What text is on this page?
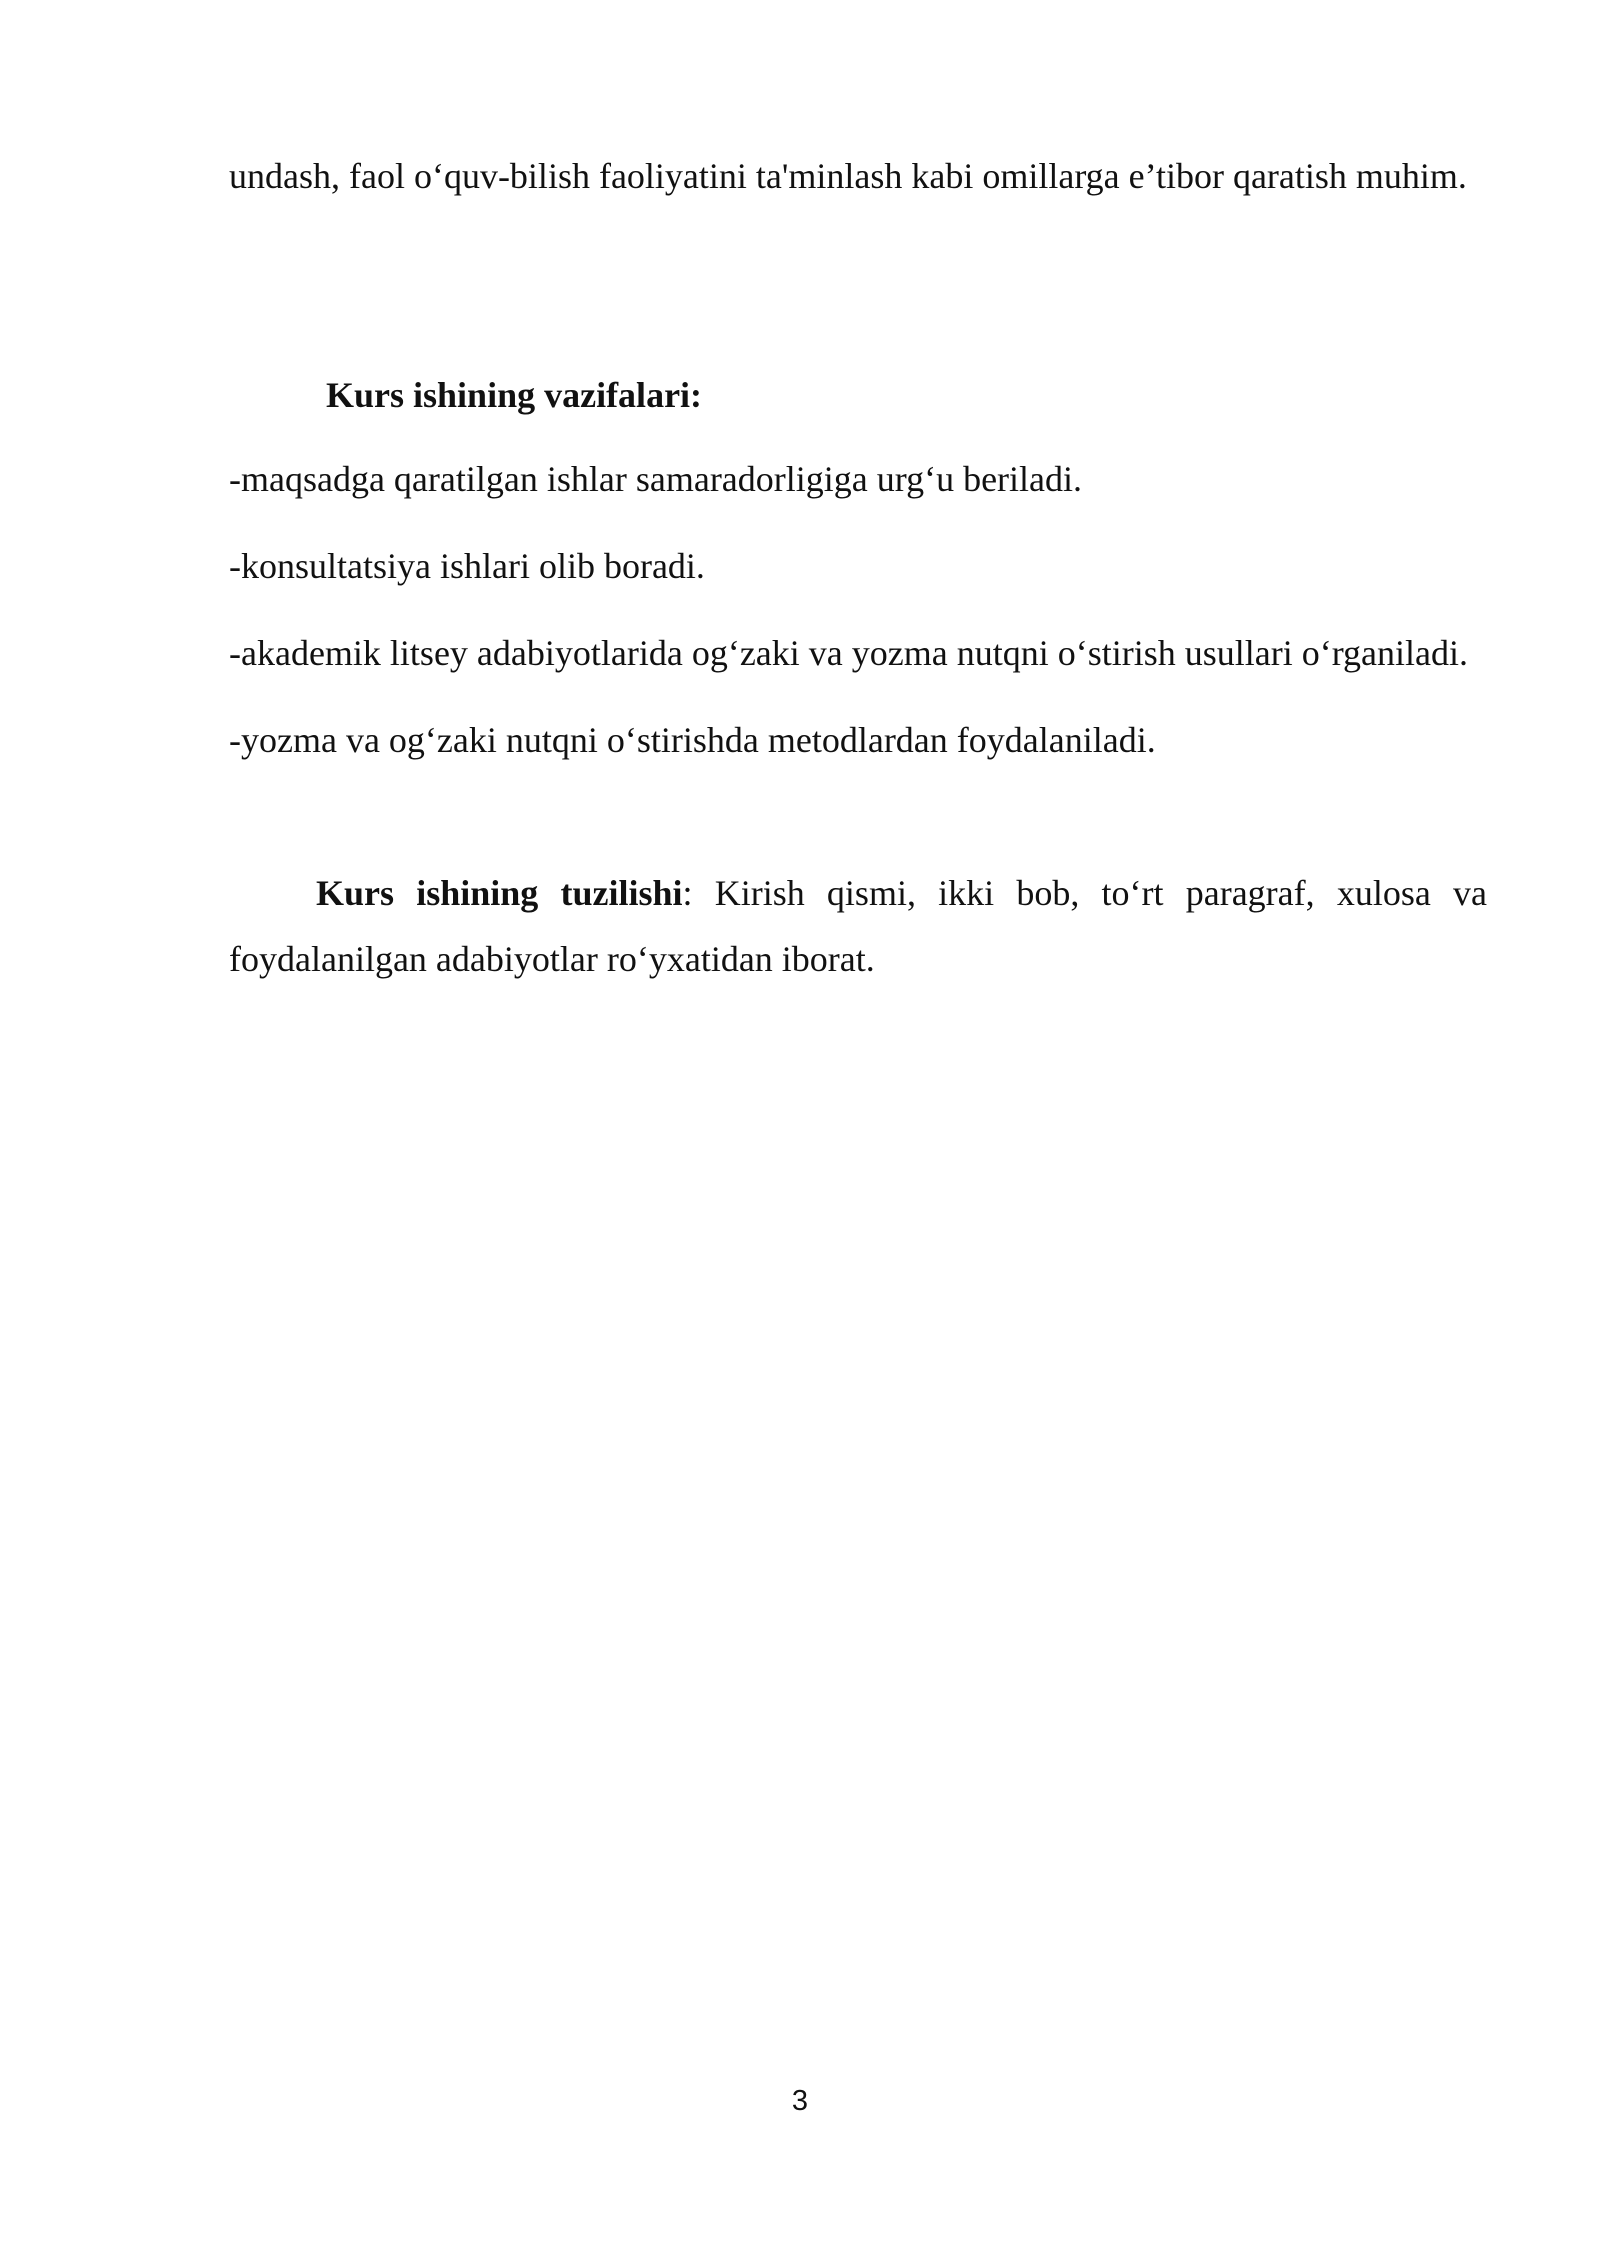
undash, faol o‘quv-bilish faoliyatini ta'minlash kabi omillarga e’tibor qaratish muhim.

Kurs ishining vazifalari:

-maqsadga qaratilgan ishlar samaradorligiga urg‘u beriladi.

-konsultatsiya ishlari olib boradi.

-akademik litsey adabiyotlarida og‘zaki va yozma nutqni o‘stirish usullari o‘rganiladi.

-yozma va og‘zaki nutqni o‘stirishda metodlardan foydalaniladi.

Kurs ishining tuzilishi: Kirish qismi, ikki bob, to‘rt paragraf, xulosa va foydalanilgan adabiyotlar ro‘yxatidan iborat.

3
